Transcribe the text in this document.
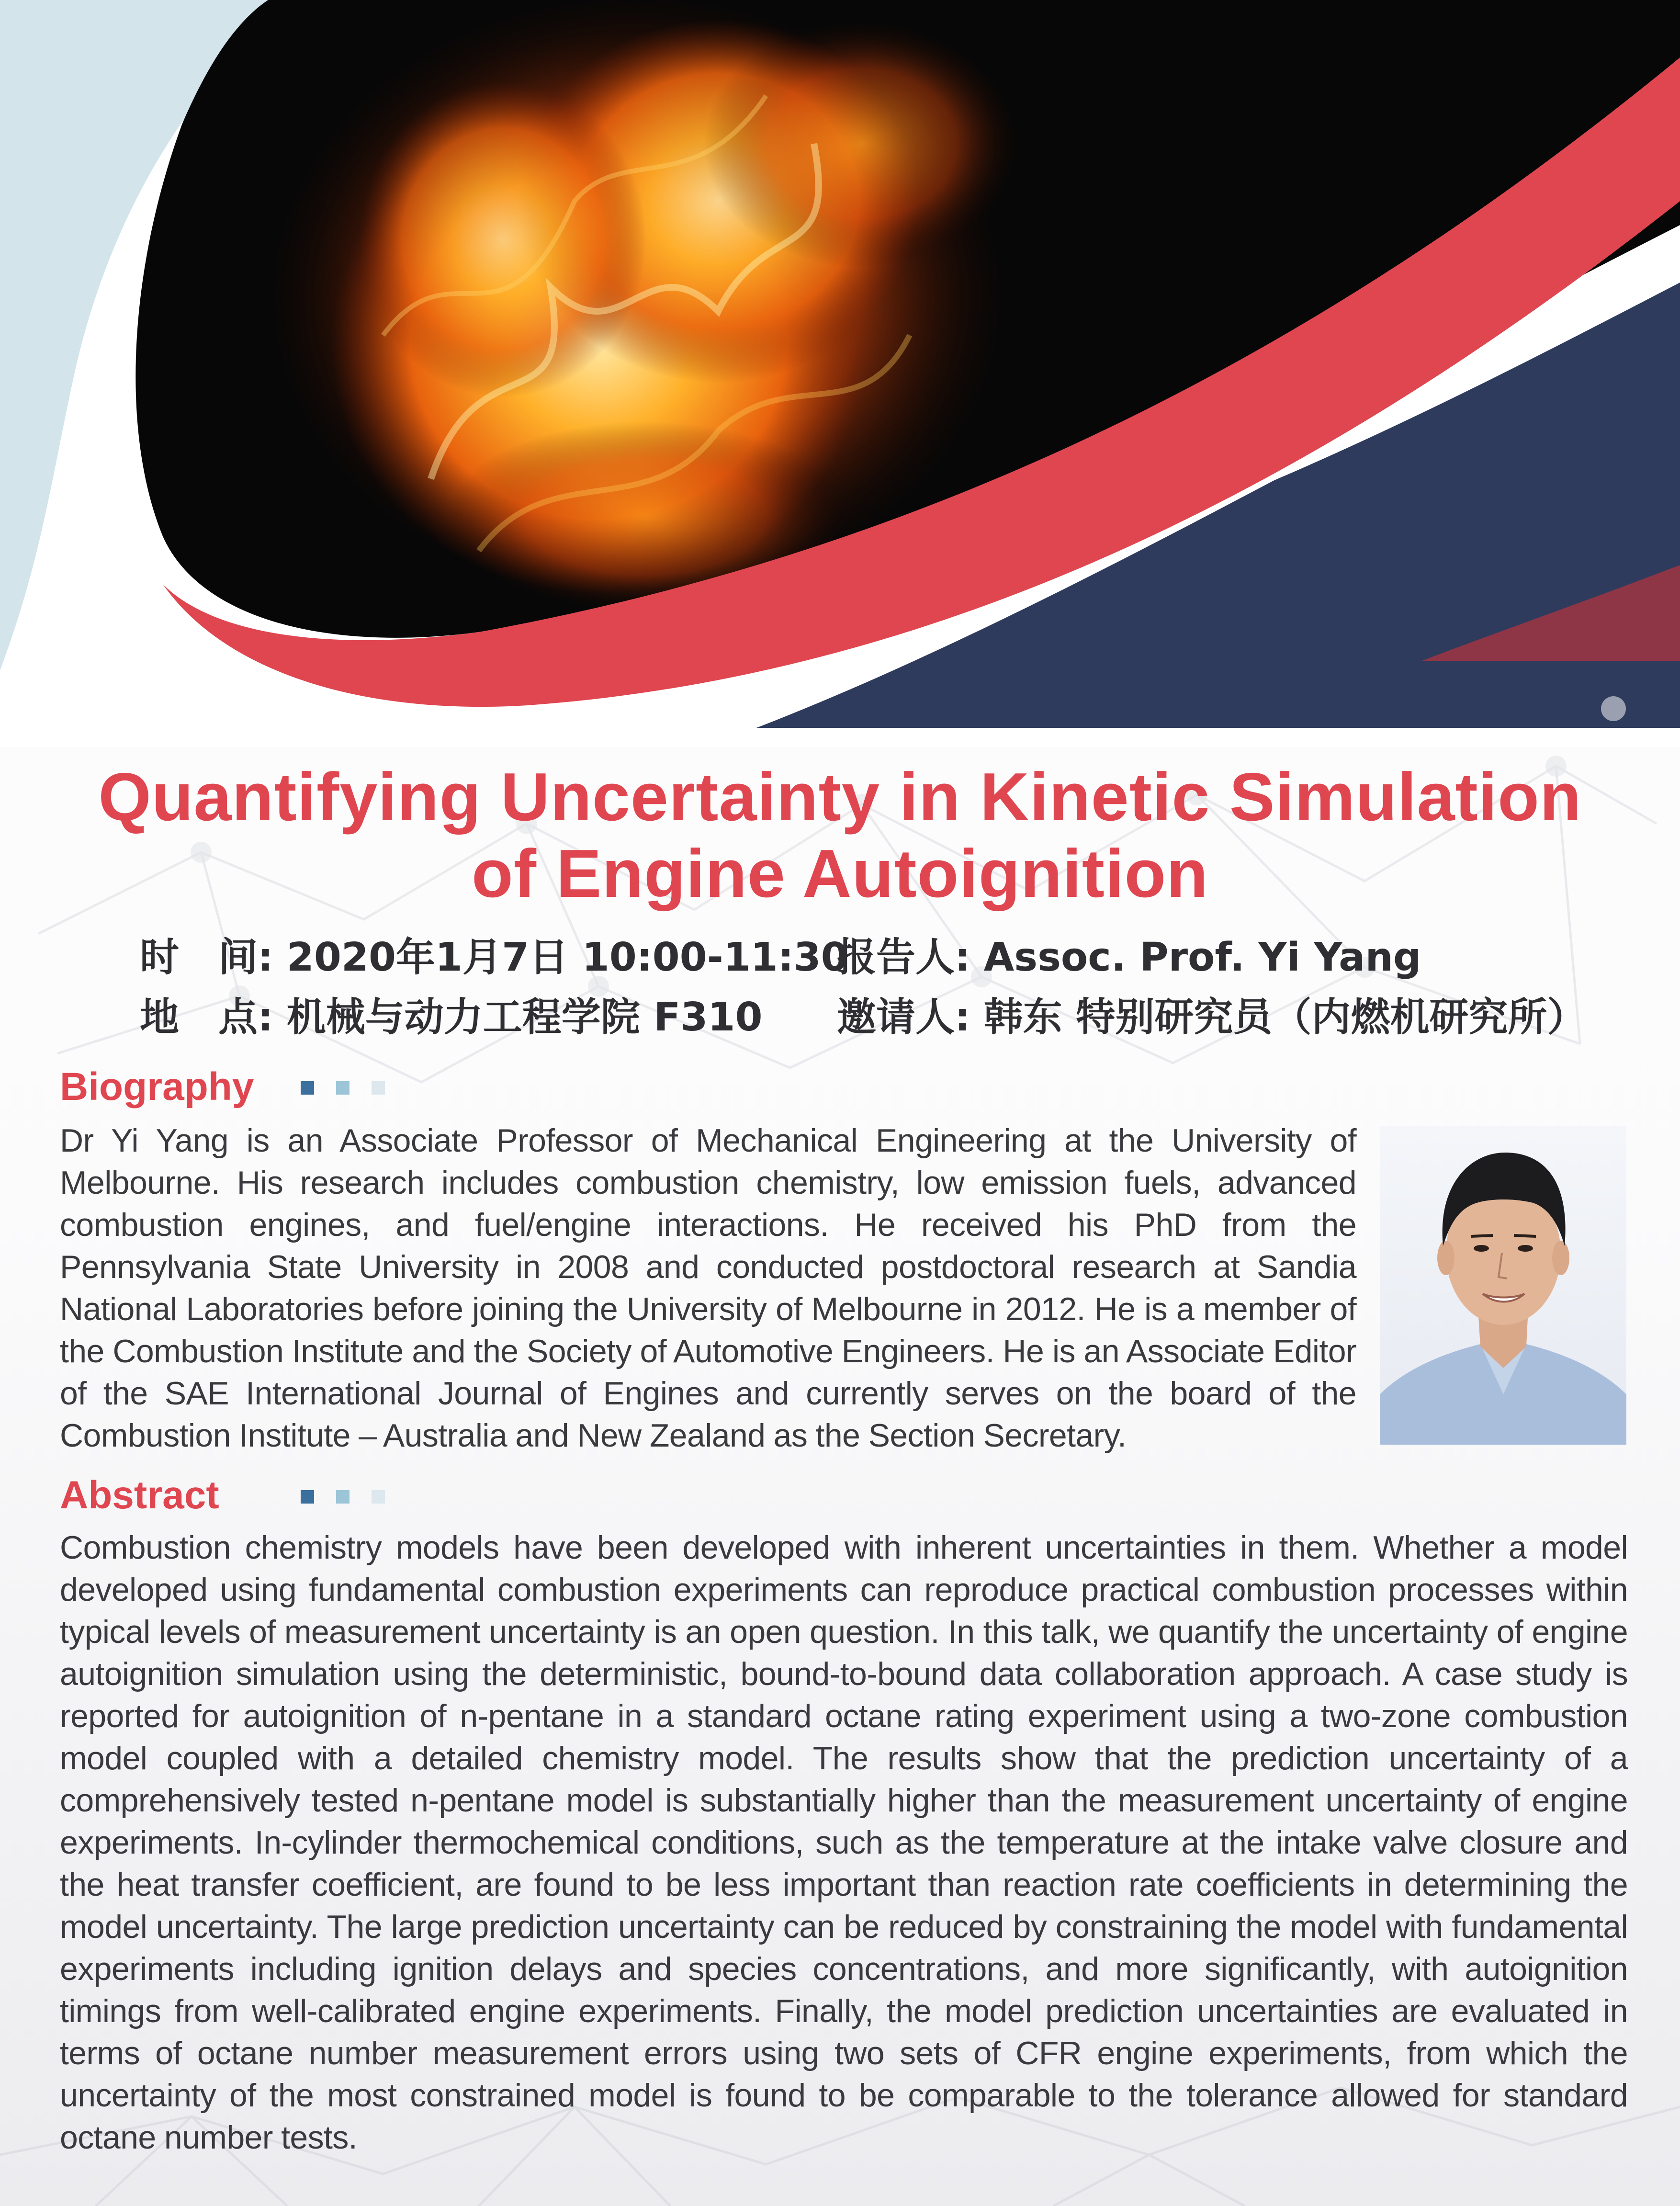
Quantifying Uncertainty in Kinetic Simulation
of Engine Autoignition
时　间: 2020年1月7日 10:00-11:30
地　点: 机械与动力工程学院 F310
报告人: Assoc. Prof. Yi Yang
邀请人: 韩东 特别研究员（内燃机研究所）
Biography
Dr Yi Yang is an Associate Professor of Mechanical Engineering at the University of Melbourne. His research includes combustion chemistry, low emission fuels, advanced combustion engines, and fuel/engine interactions. He received his PhD from the Pennsylvania State University in 2008 and conducted postdoctoral research at Sandia National Laboratories before joining the University of Melbourne in 2012. He is a member of the Combustion Institute and the Society of Automotive Engineers. He is an Associate Editor of the SAE International Journal of Engines and currently serves on the board of the Combustion Institute – Australia and New Zealand as the Section Secretary.
Abstract
Combustion chemistry models have been developed with inherent uncertainties in them. Whether a model developed using fundamental combustion experiments can reproduce practical combustion processes within typical levels of measurement uncertainty is an open question. In this talk, we quantify the uncertainty of engine autoignition simulation using the deterministic, bound-to-bound data collaboration approach. A case study is reported for autoignition of n-pentane in a standard octane rating experiment using a two-zone combustion model coupled with a detailed chemistry model. The results show that the prediction uncertainty of a comprehensively tested n-pentane model is substantially higher than the measurement uncertainty of engine experiments. In-cylinder thermochemical conditions, such as the temperature at the intake valve closure and the heat transfer coefficient, are found to be less important than reaction rate coefficients in determining the model uncertainty. The large prediction uncertainty can be reduced by constraining the model with fundamental experiments including ignition delays and species concentrations, and more significantly, with autoignition timings from well-calibrated engine experiments. Finally, the model prediction uncertainties are evaluated in terms of octane number measurement errors using two sets of CFR engine experiments, from which the uncertainty of the most constrained model is found to be comparable to the tolerance allowed for standard octane number tests.
